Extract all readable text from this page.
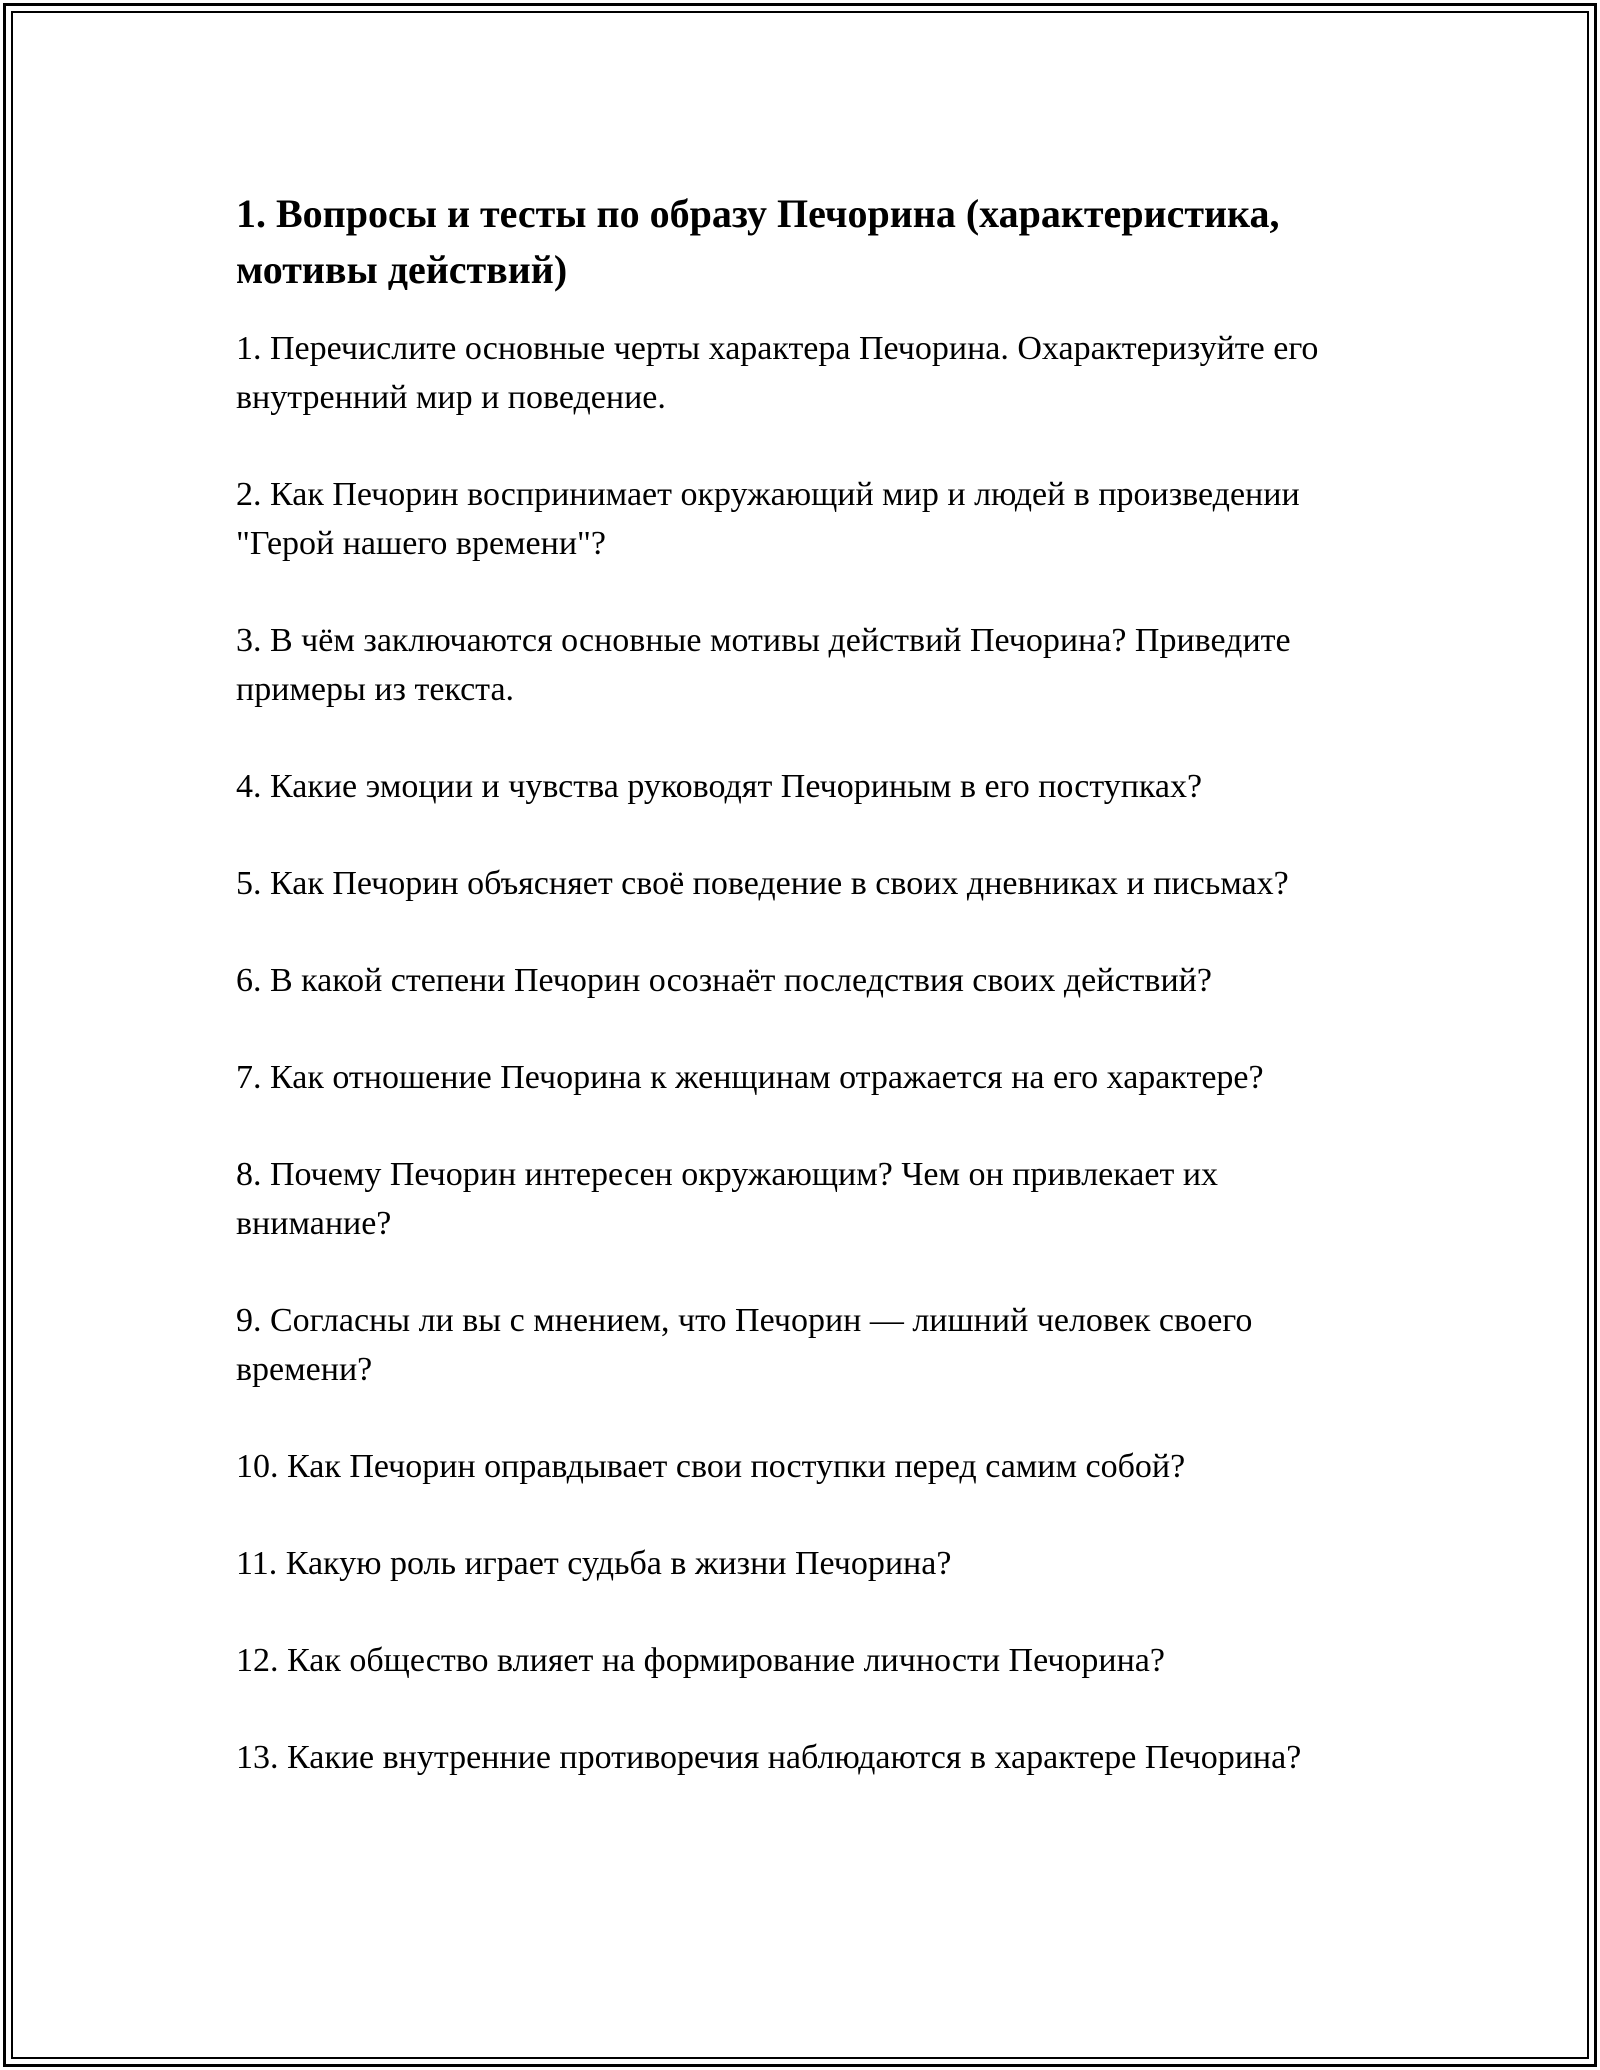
1. Вопросы и тесты по образу Печорина (характеристика, мотивы действий)
1. Перечислите основные черты характера Печорина. Охарактеризуйте его внутренний мир и поведение.
2. Как Печорин воспринимает окружающий мир и людей в произведении "Герой нашего времени"?
3. В чём заключаются основные мотивы действий Печорина? Приведите примеры из текста.
4. Какие эмоции и чувства руководят Печориным в его поступках?
5. Как Печорин объясняет своё поведение в своих дневниках и письмах?
6. В какой степени Печорин осознаёт последствия своих действий?
7. Как отношение Печорина к женщинам отражается на его характере?
8. Почему Печорин интересен окружающим? Чем он привлекает их внимание?
9. Согласны ли вы с мнением, что Печорин — лишний человек своего времени?
10. Как Печорин оправдывает свои поступки перед самим собой?
11. Какую роль играет судьба в жизни Печорина?
12. Как общество влияет на формирование личности Печорина?
13. Какие внутренние противоречия наблюдаются в характере Печорина?
